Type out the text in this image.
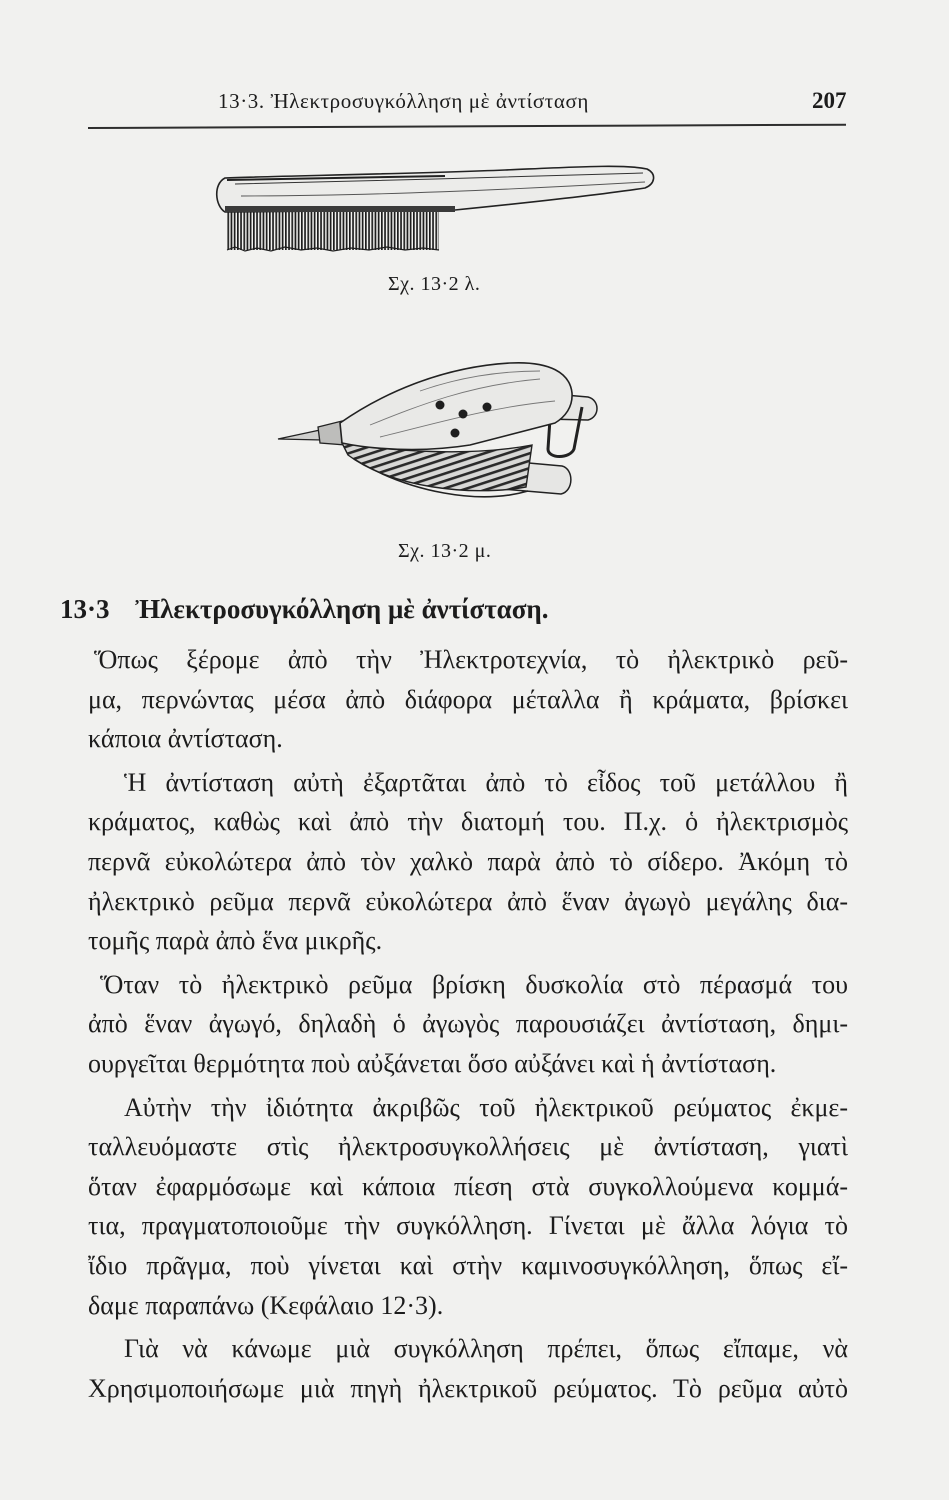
13·3. Ἠλεκτροσυγκόλληση μὲ ἀντίσταση	207
Σχ. 13·2 λ.
Σχ. 13·2 μ.
13·3 Ἠλεκτροσυγκόλληση μὲ ἀντίσταση.
Ὅπως ξέρομε ἀπὸ τὴν Ἠλεκτροτεχνία, τὸ ἠλεκτρικὸ ρεῦ-
μα, περνώντας μέσα ἀπὸ διάφορα μέταλλα ἢ κράματα, βρίσκει
κάποια ἀντίσταση.
Ἡ ἀντίσταση αὐτὴ ἐξαρτᾶται ἀπὸ τὸ εἶδος τοῦ μετάλλου ἢ
κράματος, καθὼς καὶ ἀπὸ τὴν διατομή του. Π.χ. ὁ ἠλεκτρισμὸς
περνᾶ εὐκολώτερα ἀπὸ τὸν χαλκὸ παρὰ ἀπὸ τὸ σίδερο. Ἀκόμη τὸ
ἠλεκτρικὸ ρεῦμα περνᾶ εὐκολώτερα ἀπὸ ἕναν ἀγωγὸ μεγάλης δια-
τομῆς παρὰ ἀπὸ ἕνα μικρῆς.
Ὅταν τὸ ἠλεκτρικὸ ρεῦμα βρίσκη δυσκολία στὸ πέρασμά του
ἀπὸ ἕναν ἀγωγό, δηλαδὴ ὁ ἀγωγὸς παρουσιάζει ἀντίσταση, δημι-
ουργεῖται θερμότητα ποὺ αὐξάνεται ὅσο αὐξάνει καὶ ἡ ἀντίσταση.
Αὐτὴν τὴν ἰδιότητα ἀκριβῶς τοῦ ἠλεκτρικοῦ ρεύματος ἐκμε-
ταλλευόμαστε στὶς ἠλεκτροσυγκολλήσεις μὲ ἀντίσταση, γιατὶ
ὅταν ἐφαρμόσωμε καὶ κάποια πίεση στὰ συγκολλούμενα κομμά-
τια, πραγματοποιοῦμε τὴν συγκόλληση. Γίνεται μὲ ἄλλα λόγια τὸ
ἴδιο πρᾶγμα, ποὺ γίνεται καὶ στὴν καμινοσυγκόλληση, ὅπως εἴ-
δαμε παραπάνω (Κεφάλαιο 12·3).
Γιὰ νὰ κάνωμε μιὰ συγκόλληση πρέπει, ὅπως εἴπαμε, νὰ
Χρησιμοποιήσωμε μιὰ πηγὴ ἠλεκτρικοῦ ρεύματος. Τὸ ρεῦμα αὐτὸ
